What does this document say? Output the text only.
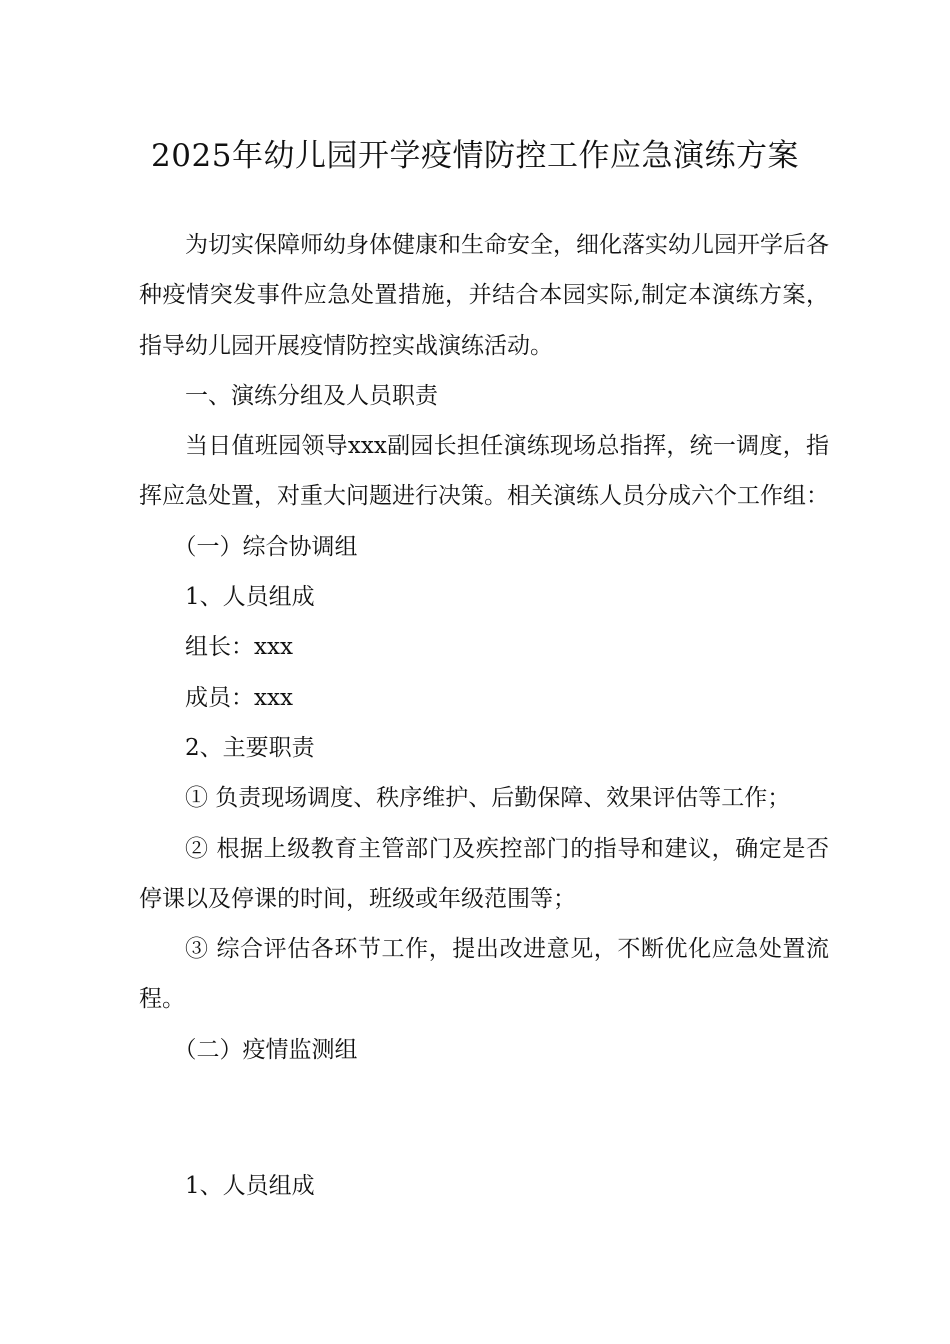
2025年幼儿园开学疫情防控工作应急演练方案

为切实保障师幼身体健康和生命安全，细化落实幼儿园开学后各种疫情突发事件应急处置措施，并结合本园实际,制定本演练方案，指导幼儿园开展疫情防控实战演练活动。

一、演练分组及人员职责

当日值班园领导xxx副园长担任演练现场总指挥，统一调度，指挥应急处置，对重大问题进行决策。相关演练人员分成六个工作组：

（一）综合协调组

1、人员组成

组长：xxx

成员：xxx

2、主要职责

① 负责现场调度、秩序维护、后勤保障、效果评估等工作；

② 根据上级教育主管部门及疾控部门的指导和建议，确定是否停课以及停课的时间，班级或年级范围等；

③ 综合评估各环节工作，提出改进意见，不断优化应急处置流程。

（二）疫情监测组

1、人员组成
